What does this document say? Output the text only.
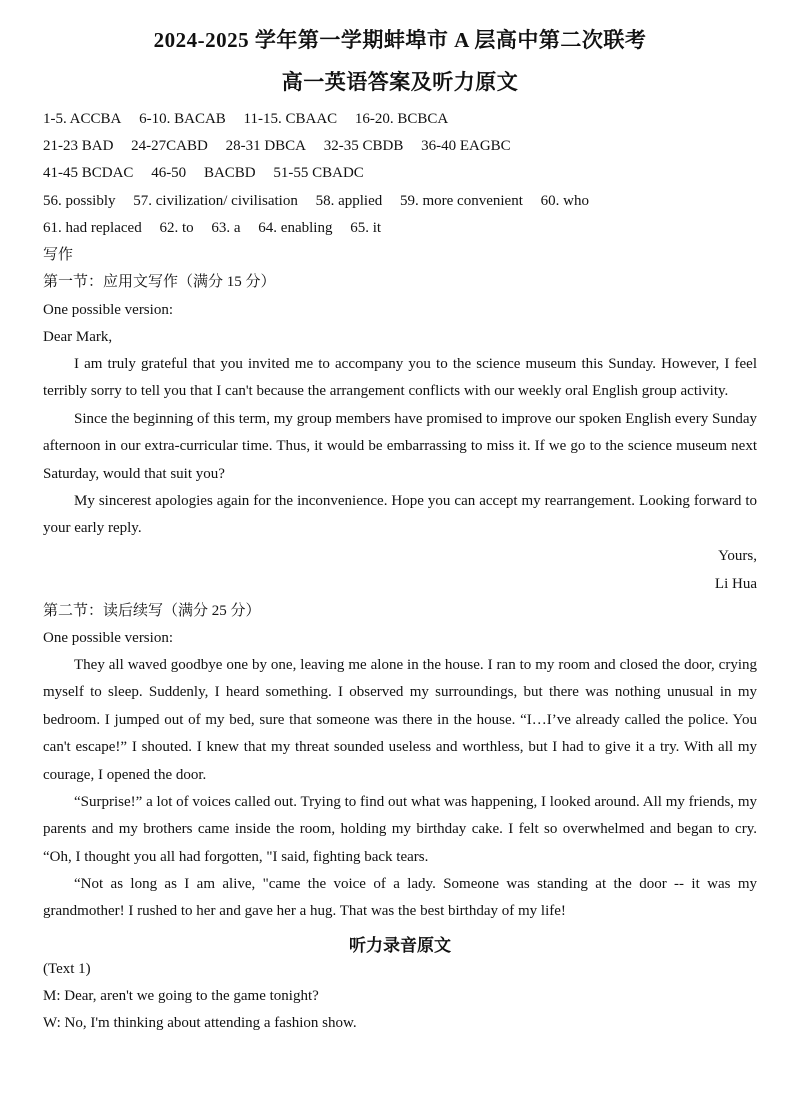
2024-2025 学年第一学期蚌埠市 A 层高中第二次联考
高一英语答案及听力原文
1-5. ACCBA 6-10. BACAB 11-15. CBAAC 16-20. BCBCA
21-23 BAD 24-27CABD 28-31 DBCA 32-35 CBDB 36-40 EAGBC
41-45 BCDAC 46-50 BACBD 51-55 CBADC
56. possibly 57. civilization/ civilisation 58. applied 59. more convenient 60. who
61. had replaced 62. to 63. a 64. enabling 65. it
写作
第一节：应用文写作（满分 15 分）
One possible version:
Dear Mark,

I am truly grateful that you invited me to accompany you to the science museum this Sunday. However, I feel terribly sorry to tell you that I can't because the arrangement conflicts with our weekly oral English group activity.

Since the beginning of this term, my group members have promised to improve our spoken English every Sunday afternoon in our extra-curricular time. Thus, it would be embarrassing to miss it. If we go to the science museum next Saturday, would that suit you?

My sincerest apologies again for the inconvenience. Hope you can accept my rearrangement. Looking forward to your early reply.

Yours,
Li Hua
第二节：读后续写（满分 25 分）
One possible version:

They all waved goodbye one by one, leaving me alone in the house. I ran to my room and closed the door, crying myself to sleep. Suddenly, I heard something. I observed my surroundings, but there was nothing unusual in my bedroom. I jumped out of my bed, sure that someone was there in the house. “I…I’ve already called the police. You can't escape!” I shouted. I knew that my threat sounded useless and worthless, but I had to give it a try. With all my courage, I opened the door.

“Surprise!” a lot of voices called out. Trying to find out what was happening, I looked around. All my friends, my parents and my brothers came inside the room, holding my birthday cake. I felt so overwhelmed and began to cry. “Oh, I thought you all had forgotten, "I said, fighting back tears.

“Not as long as I am alive, "came the voice of a lady. Someone was standing at the door -- it was my grandmother! I rushed to her and gave her a hug. That was the best birthday of my life!

听力录音原文
(Text 1)
M: Dear, aren't we going to the game tonight?
W: No, I'm thinking about attending a fashion show.
